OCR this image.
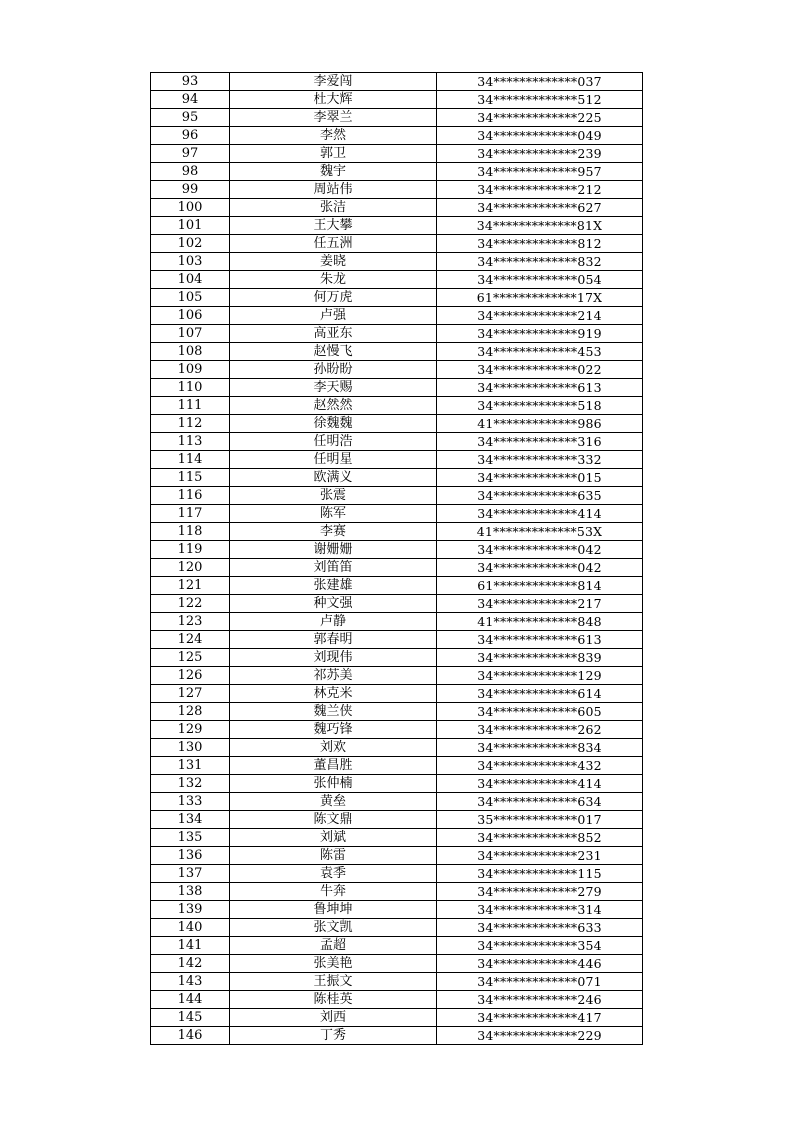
93	李爱闯	34*************037
94	杜大辉	34*************512
95	李翠兰	34*************225
96	李然	34*************049
97	郭卫	34*************239
98	魏宇	34*************957
99	周站伟	34*************212
100	张洁	34*************627
101	王大攀	34*************81X
102	任五洲	34*************812
103	姜晓	34*************832
104	朱龙	34*************054
105	何万虎	61*************17X
106	卢强	34*************214
107	高亚东	34*************919
108	赵慢飞	34*************453
109	孙盼盼	34*************022
110	李天赐	34*************613
111	赵然然	34*************518
112	徐魏魏	41*************986
113	任明浩	34*************316
114	任明星	34*************332
115	欧满义	34*************015
116	张震	34*************635
117	陈军	34*************414
118	李赛	41*************53X
119	谢姗姗	34*************042
120	刘笛笛	34*************042
121	张建雄	61*************814
122	种文强	34*************217
123	卢静	41*************848
124	郭春明	34*************613
125	刘现伟	34*************839
126	祁苏美	34*************129
127	林克米	34*************614
128	魏兰侠	34*************605
129	魏巧锋	34*************262
130	刘欢	34*************834
131	董昌胜	34*************432
132	张仲楠	34*************414
133	黄垒	34*************634
134	陈文鼎	35*************017
135	刘斌	34*************852
136	陈雷	34*************231
137	袁季	34*************115
138	牛奔	34*************279
139	鲁坤坤	34*************314
140	张文凯	34*************633
141	孟超	34*************354
142	张美艳	34*************446
143	王振文	34*************071
144	陈桂英	34*************246
145	刘西	34*************417
146	丁秀	34*************229
